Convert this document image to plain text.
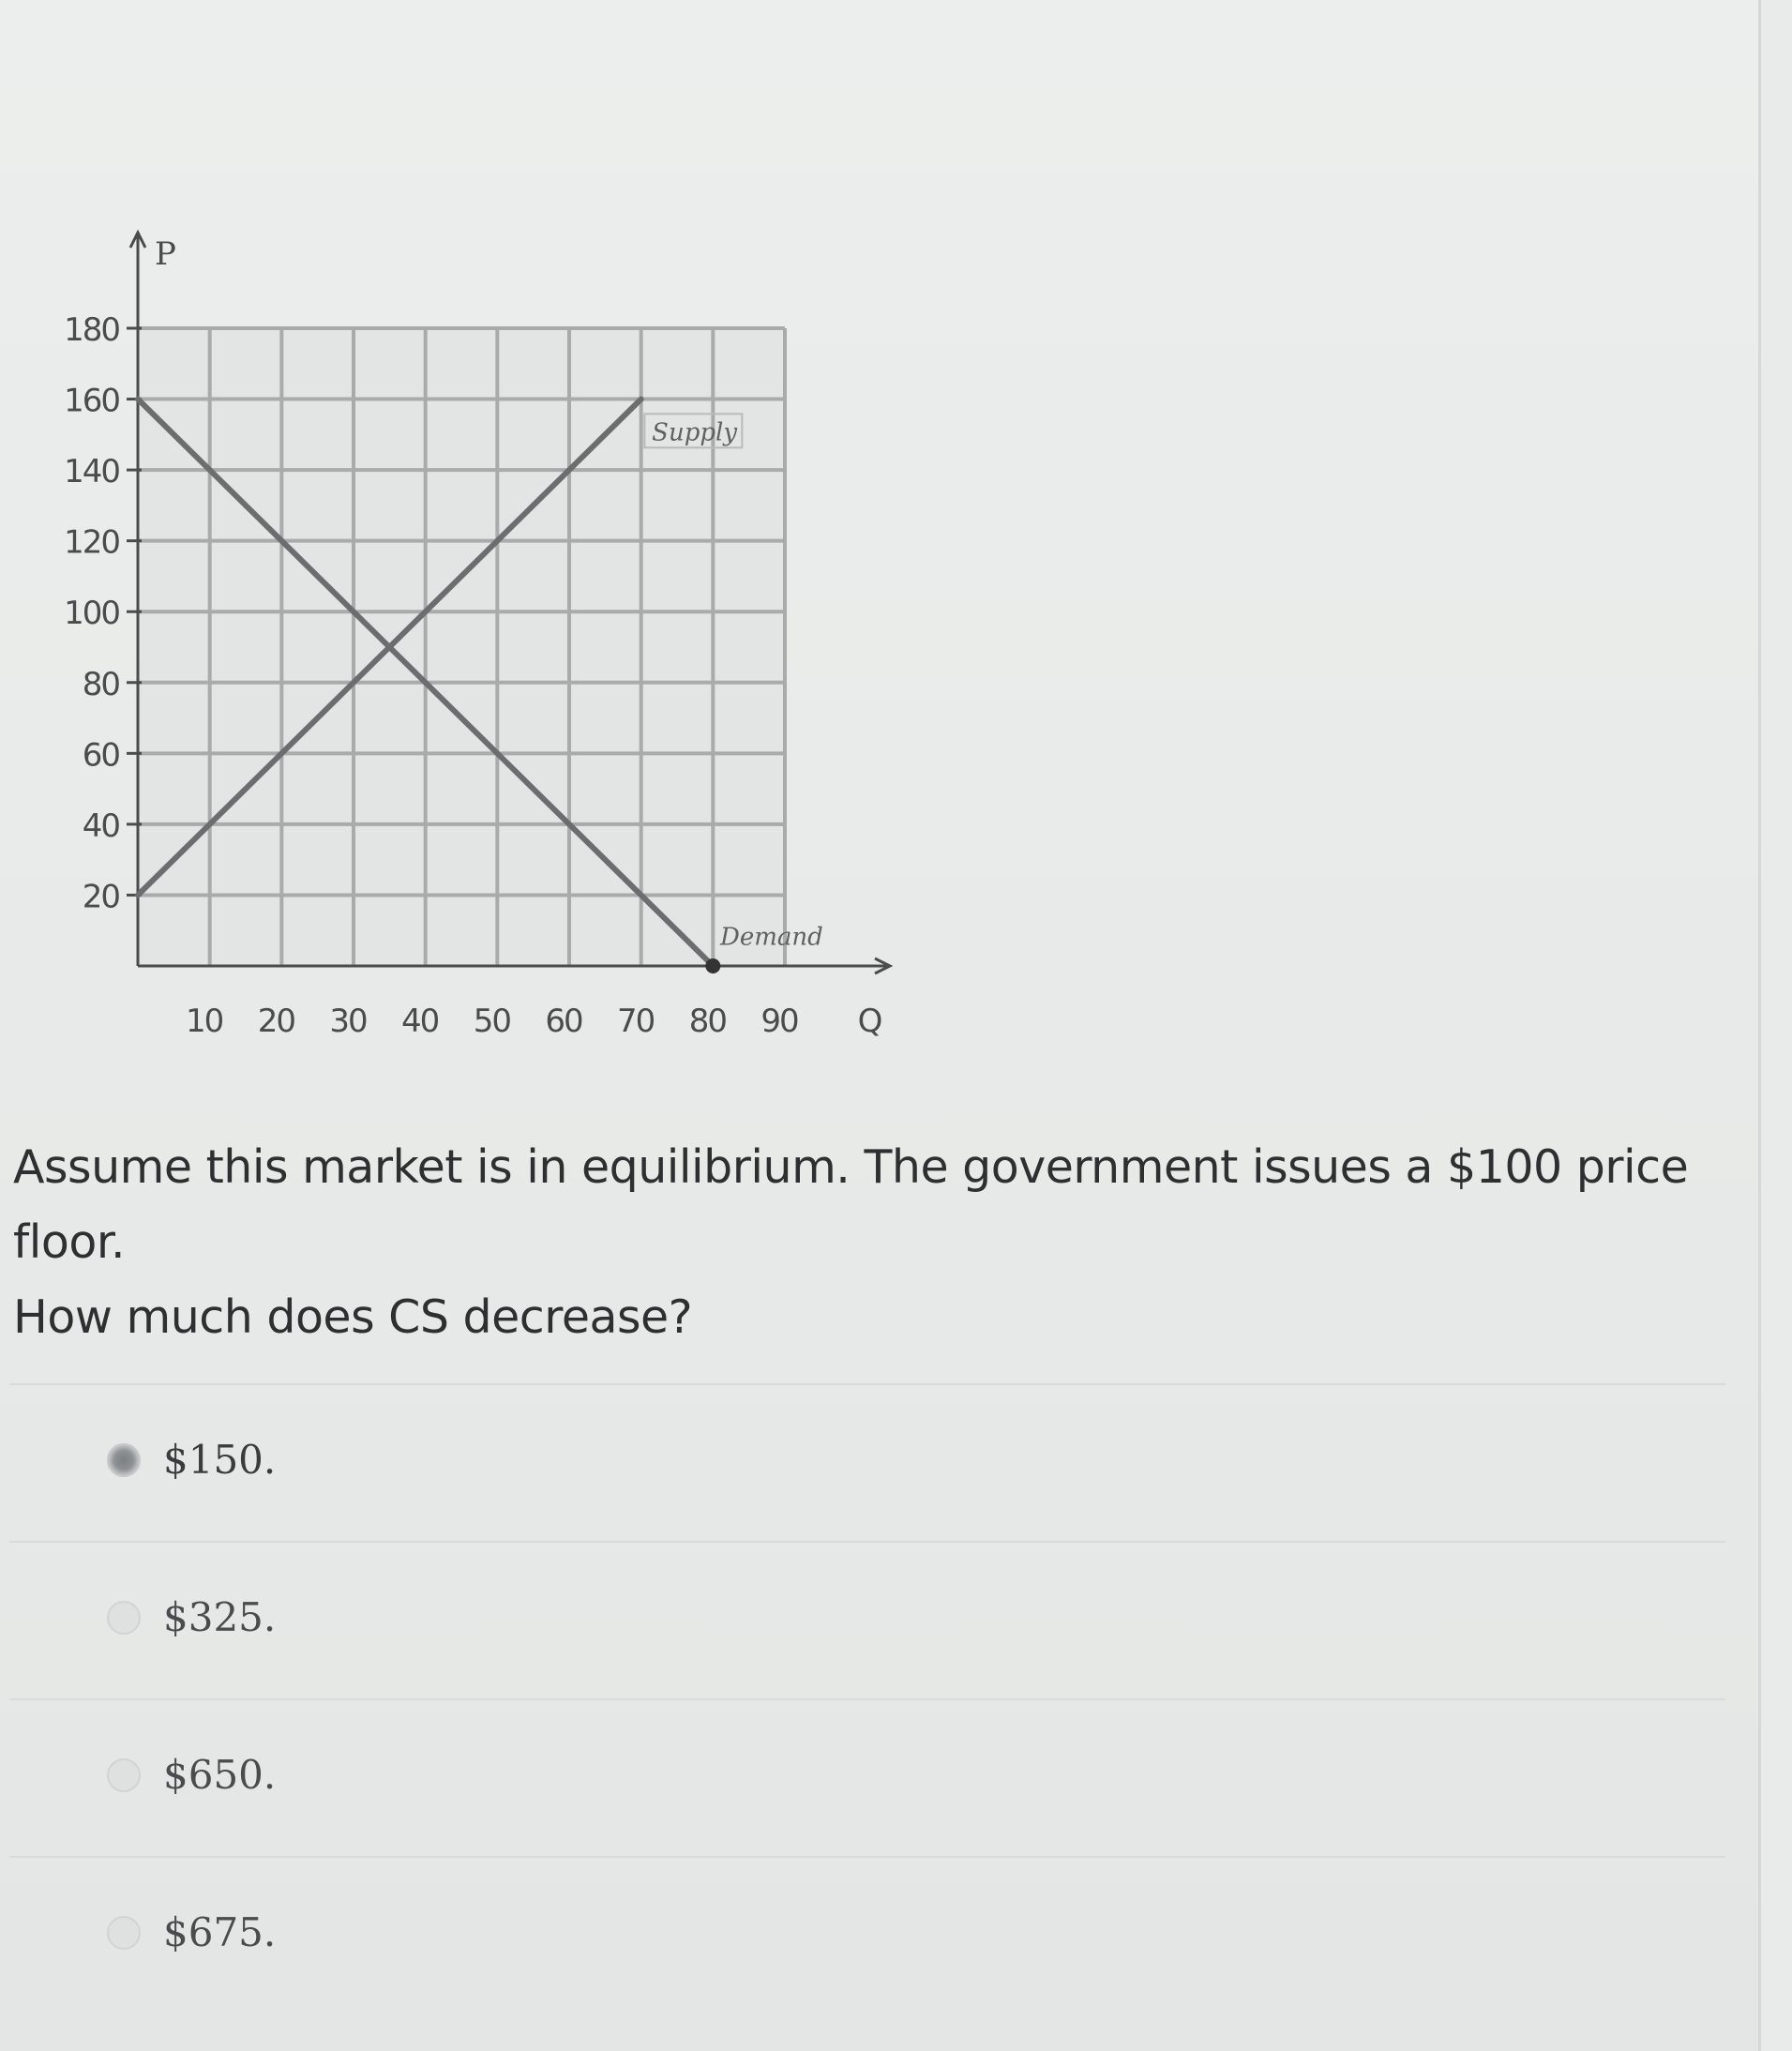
20
40
60
80
100
120
140
160
180
10 20 30 40 50 60 70 80 90
P
Q
Supply
Demand
Assume this market is in equilibrium. The government issues a $100 price floor.
How much does CS decrease?
$150.
$325.
$650.
$675.
